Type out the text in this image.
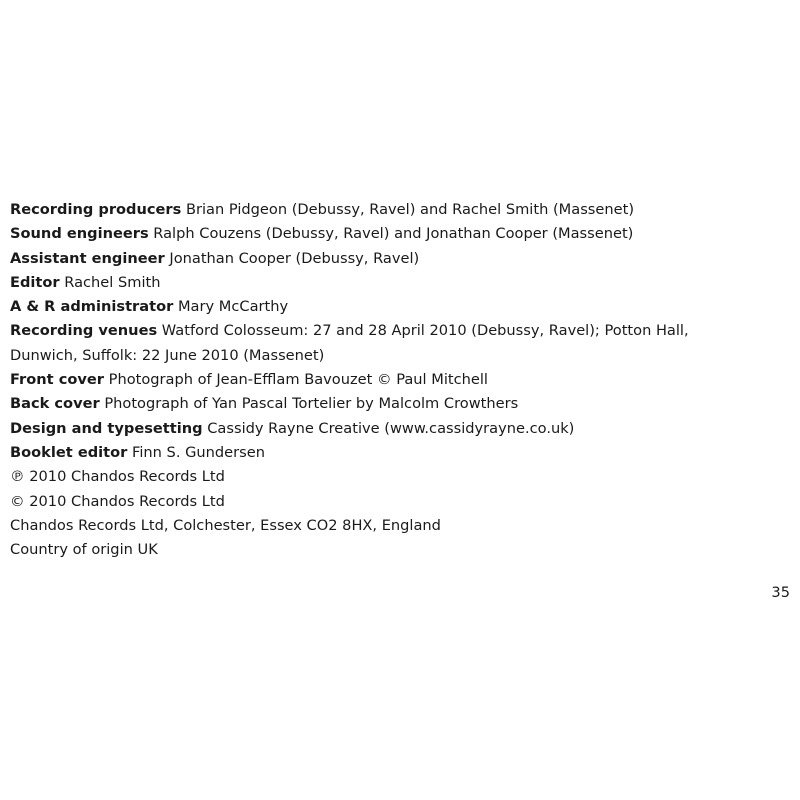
Recording producers Brian Pidgeon (Debussy, Ravel) and Rachel Smith (Massenet)

Sound engineers Ralph Couzens (Debussy, Ravel) and Jonathan Cooper (Massenet)

Assistant engineer Jonathan Cooper (Debussy, Ravel)

Editor Rachel Smith

A & R administrator Mary McCarthy

Recording venues Watford Colosseum: 27 and 28 April 2010 (Debussy, Ravel); Potton Hall, Dunwich, Suffolk: 22 June 2010 (Massenet)

Front cover Photograph of Jean-Efflam Bavouzet © Paul Mitchell

Back cover Photograph of Yan Pascal Tortelier by Malcolm Crowthers

Design and typesetting Cassidy Rayne Creative (www.cassidyrayne.co.uk)

Booklet editor Finn S. Gundersen

℗ 2010 Chandos Records Ltd

© 2010 Chandos Records Ltd

Chandos Records Ltd, Colchester, Essex CO2 8HX, England

Country of origin UK

35
